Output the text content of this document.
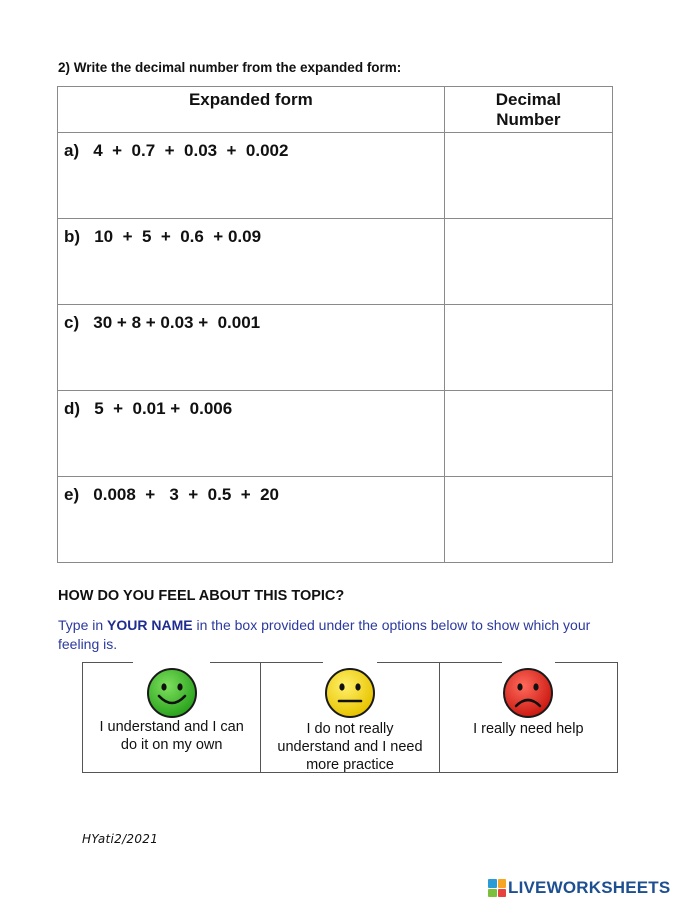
2) Write the decimal number from the expanded form:
Expanded form	Decimal
Number

a)   4  +  0.7  +  0.03  +  0.002	

b)   10  +  5  +  0.6  + 0.09	

c)   30 + 8 + 0.03 +  0.001	

d)   5  +  0.01 +  0.006	

e)   0.008  +   3  +  0.5  +  20	

HOW DO YOU FEEL ABOUT THIS TOPIC?
Type in YOUR NAME in the box provided under the options below to show which your feeling is.
I understand and I can
do it on my own
I do not really
understand and I need
more practice
I really need help
HYati2/2021
LIVEWORKSHEETS
